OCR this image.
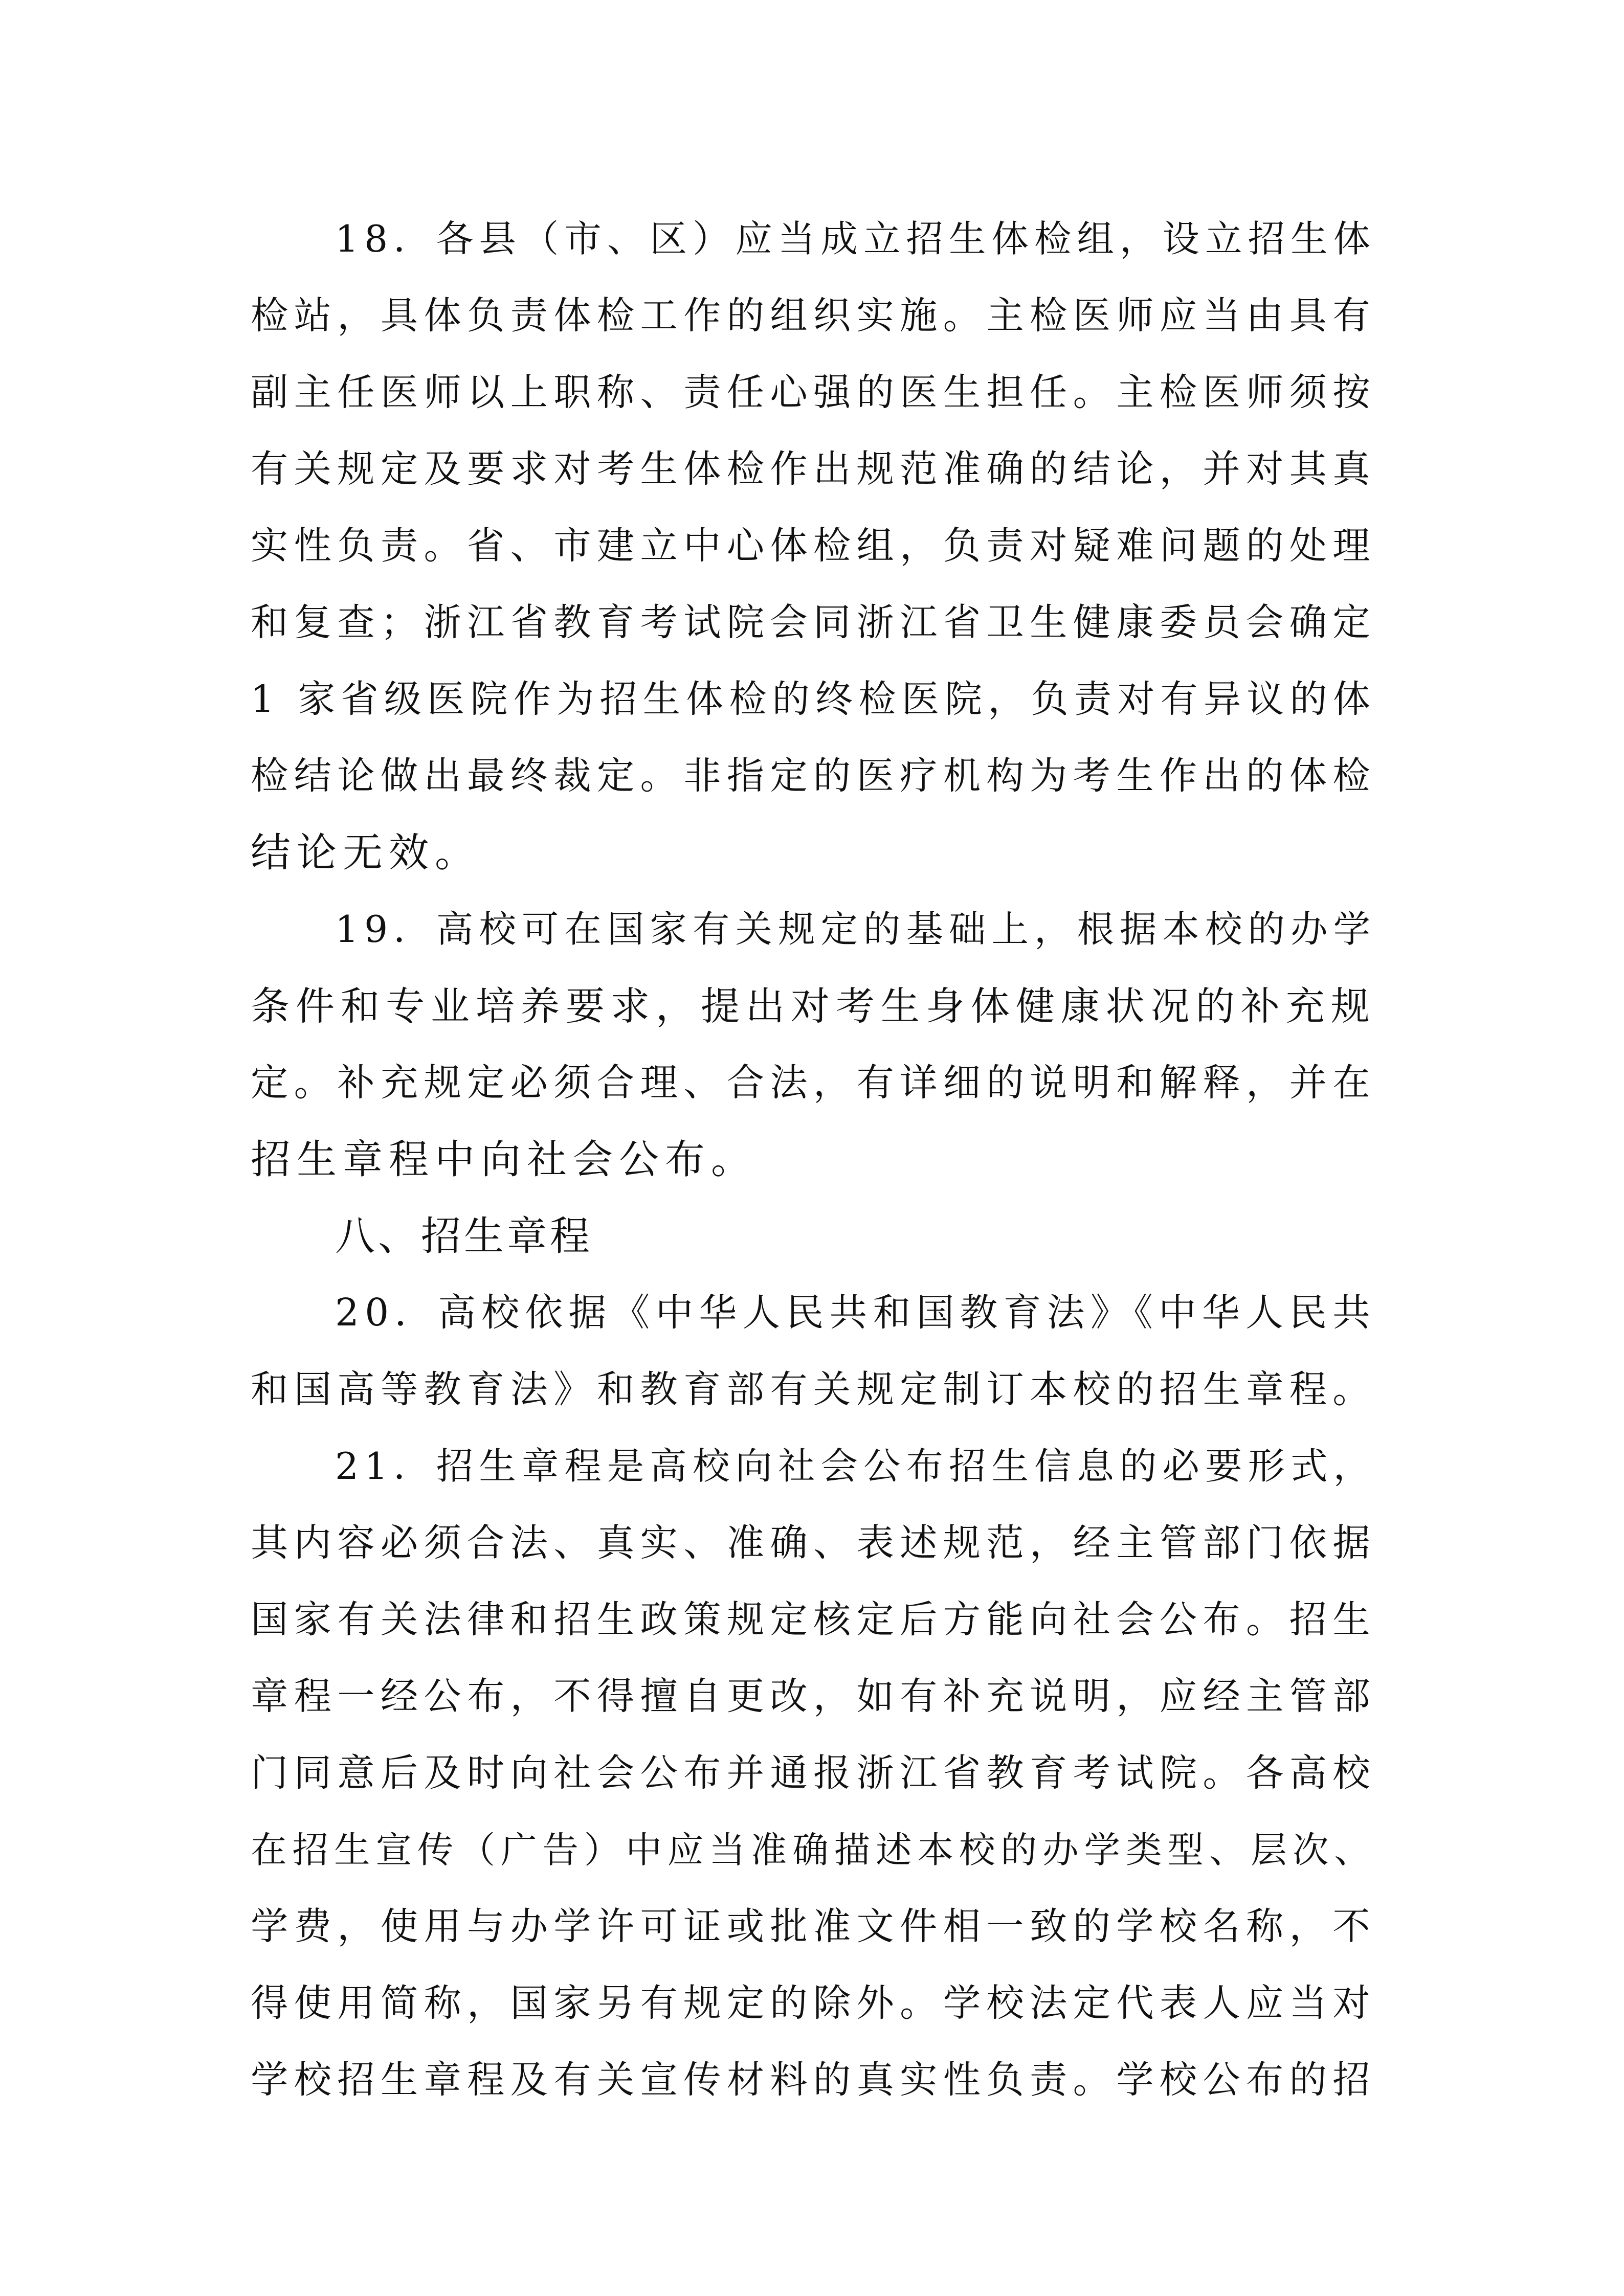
18．各县（市、区）应当成立招生体检组，设立招生体
检站，具体负责体检工作的组织实施。主检医师应当由具有
副主任医师以上职称、责任心强的医生担任。主检医师须按
有关规定及要求对考生体检作出规范准确的结论，并对其真
实性负责。省、市建立中心体检组，负责对疑难问题的处理
和复查；浙江省教育考试院会同浙江省卫生健康委员会确定
1 家省级医院作为招生体检的终检医院，负责对有异议的体
检结论做出最终裁定。非指定的医疗机构为考生作出的体检
结论无效。
19．高校可在国家有关规定的基础上，根据本校的办学
条件和专业培养要求，提出对考生身体健康状况的补充规
定。补充规定必须合理、合法，有详细的说明和解释，并在
招生章程中向社会公布。
八、招生章程
20．高校依据《中华人民共和国教育法》《中华人民共
和国高等教育法》和教育部有关规定制订本校的招生章程。
21．招生章程是高校向社会公布招生信息的必要形式，
其内容必须合法、真实、准确、表述规范，经主管部门依据
国家有关法律和招生政策规定核定后方能向社会公布。招生
章程一经公布，不得擅自更改，如有补充说明，应经主管部
门同意后及时向社会公布并通报浙江省教育考试院。各高校
在招生宣传（广告）中应当准确描述本校的办学类型、层次、
学费，使用与办学许可证或批准文件相一致的学校名称，不
得使用简称，国家另有规定的除外。学校法定代表人应当对
学校招生章程及有关宣传材料的真实性负责。学校公布的招
